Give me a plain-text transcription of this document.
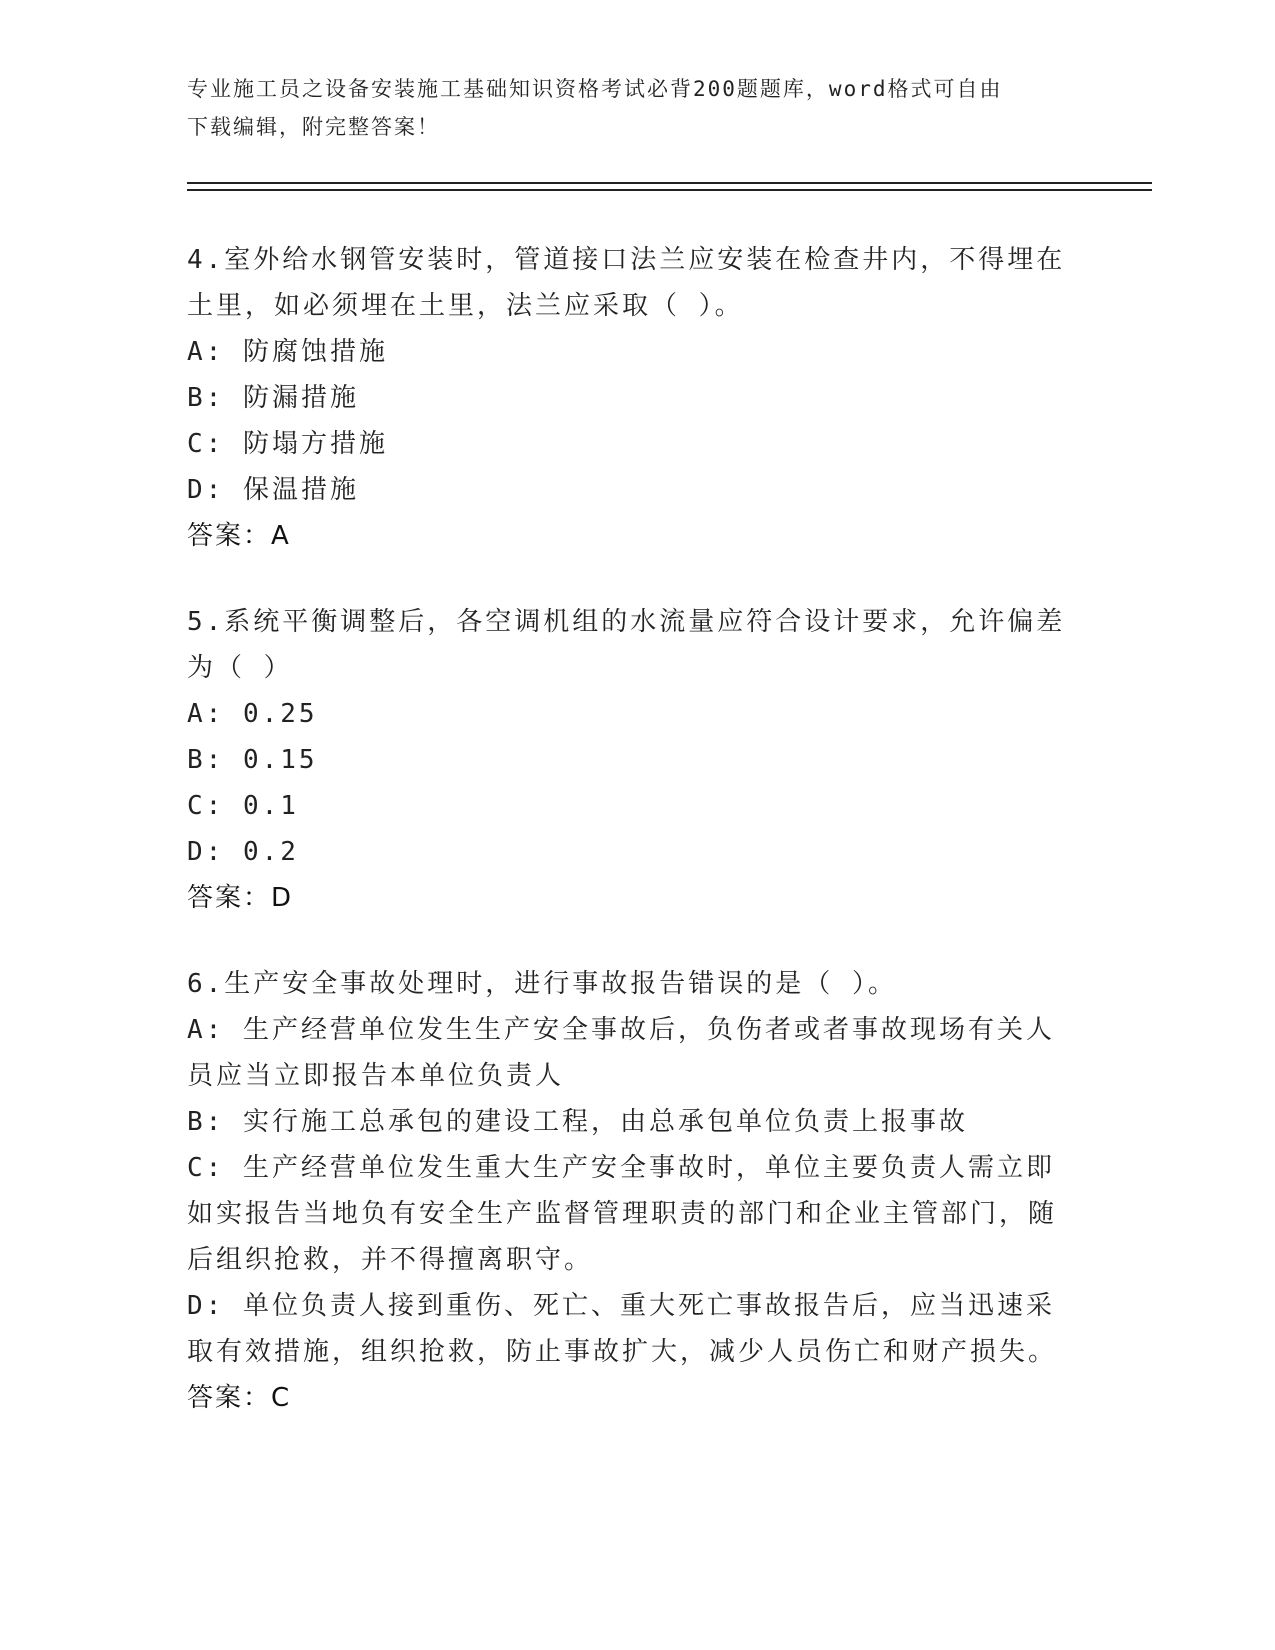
专业施工员之设备安装施工基础知识资格考试必背200题题库，word格式可自由
下载编辑，附完整答案！

4.室外给水钢管安装时，管道接口法兰应安装在检查井内，不得埋在土里，如必须埋在土里，法兰应采取（ ）。

A: 防腐蚀措施

B: 防漏措施

C: 防塌方措施

D: 保温措施

答案：A

5.系统平衡调整后，各空调机组的水流量应符合设计要求，允许偏差为（ ）

A: 0.25

B: 0.15

C: 0.1

D: 0.2

答案：D

6.生产安全事故处理时，进行事故报告错误的是（ ）。

A: 生产经营单位发生生产安全事故后，负伤者或者事故现场有关人员应当立即报告本单位负责人

B: 实行施工总承包的建设工程，由总承包单位负责上报事故

C: 生产经营单位发生重大生产安全事故时，单位主要负责人需立即如实报告当地负有安全生产监督管理职责的部门和企业主管部门，随后组织抢救，并不得擅离职守。

D: 单位负责人接到重伤、死亡、重大死亡事故报告后，应当迅速采取有效措施，组织抢救，防止事故扩大，减少人员伤亡和财产损失。

答案：C
